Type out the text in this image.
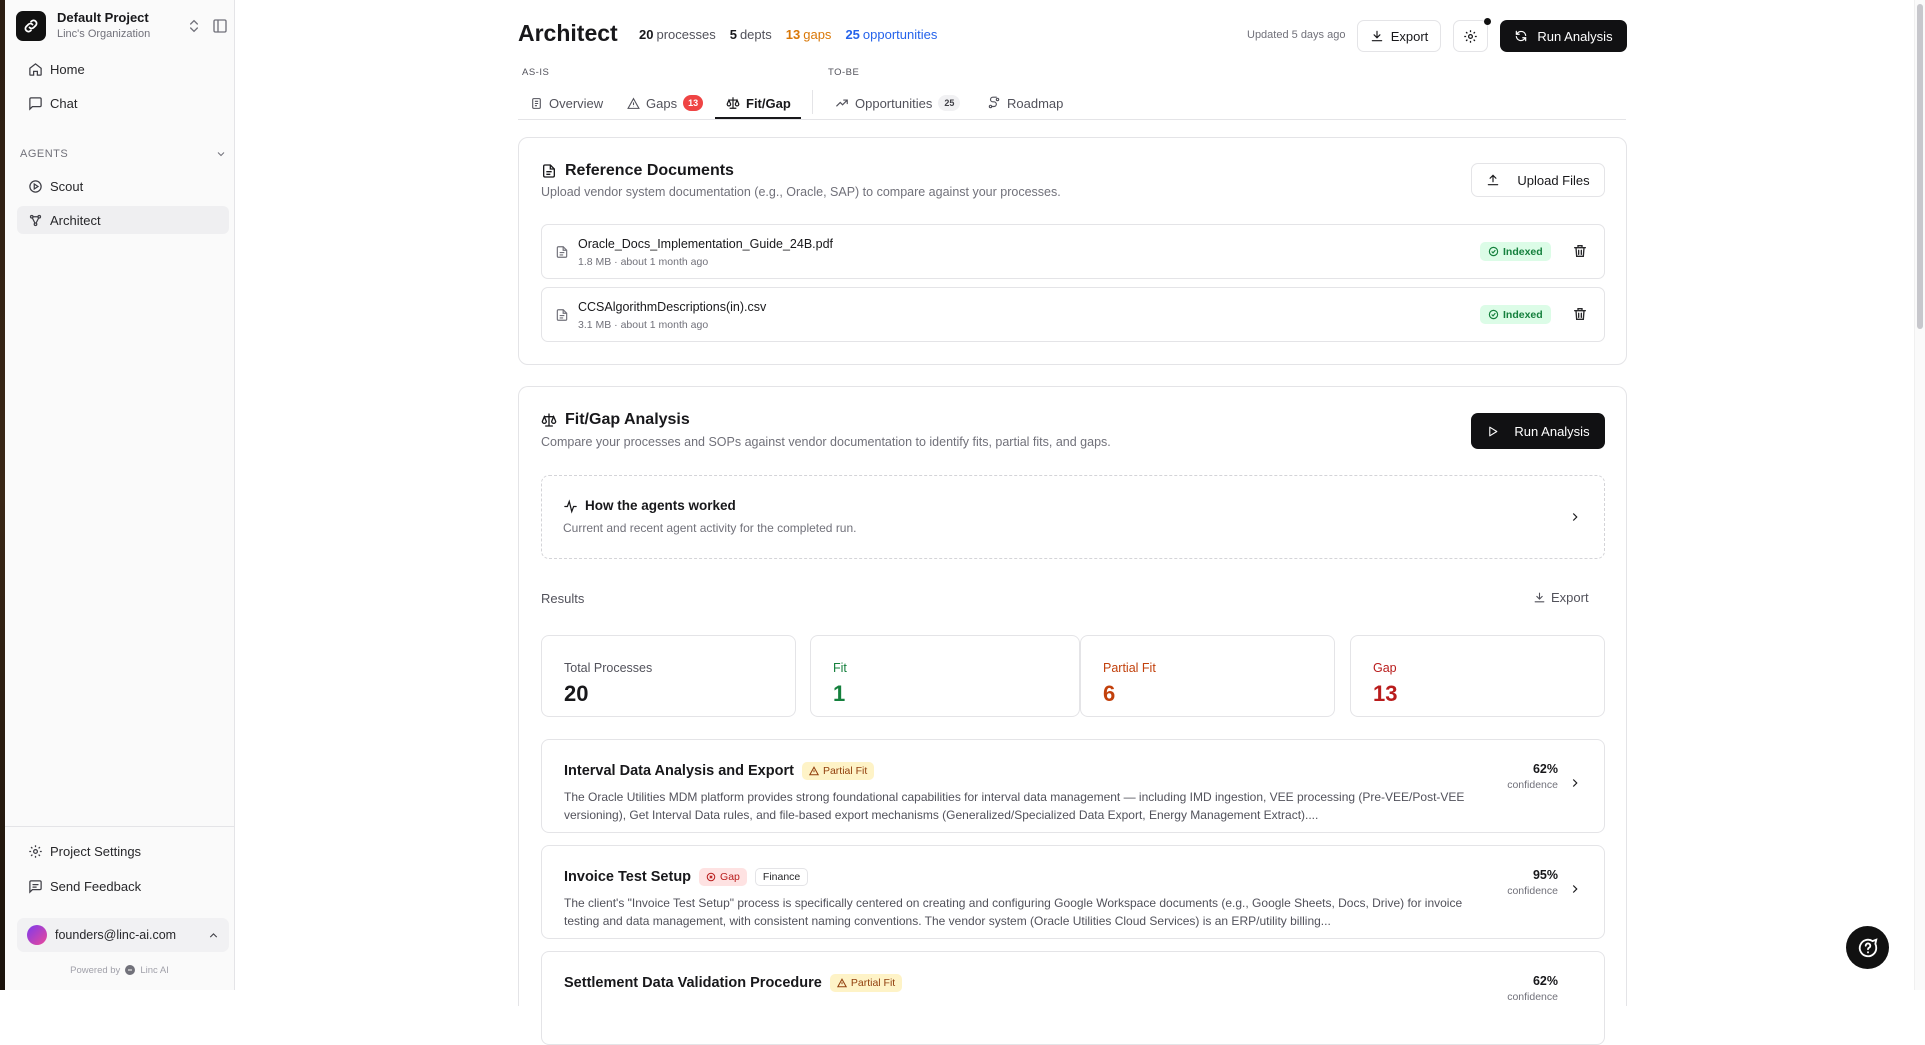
Default Project
Linc's Organization
Home
Chat
AGENTS
Scout
Architect
Project Settings
Send Feedback
founders@linc-ai.com
Powered by Linc AI
Architect 20 processes 5 depts 13 gaps 25 opportunities	Updated 5 days ago	Export	Run Analysis
AS-IS	TO-BE
Overview	Gaps	13	Fit/Gap	Opportunities	25	Roadmap
Reference Documents
Upload vendor system documentation (e.g., Oracle, SAP) to compare against your processes.
Upload Files
Oracle_Docs_Implementation_Guide_24B.pdf
1.8 MB · about 1 month ago
Indexed
CCSAlgorithmDescriptions(in).csv
3.1 MB · about 1 month ago
Indexed
Fit/Gap Analysis
Compare your processes and SOPs against vendor documentation to identify fits, partial fits, and gaps.
Run Analysis
How the agents worked
Current and recent agent activity for the completed run.
Results	Export
Total Processes
20
Fit
1
Partial Fit
6
Gap
13
Interval Data Analysis and Export	Partial Fit
The Oracle Utilities MDM platform provides strong foundational capabilities for interval data management — including IMD ingestion, VEE processing (Pre-VEE/Post-VEE versioning), Get Interval Data rules, and file-based export mechanisms (Generalized/Specialized Data Export, Energy Management Extract)....
62%
confidence
Invoice Test Setup	Gap	Finance
The client's "Invoice Test Setup" process is specifically centered on creating and configuring Google Workspace documents (e.g., Google Sheets, Docs, Drive) for invoice testing and data management, with consistent naming conventions. The vendor system (Oracle Utilities Cloud Services) is an ERP/utility billing...
95%
confidence
Settlement Data Validation Procedure	Partial Fit	62%
confidence
